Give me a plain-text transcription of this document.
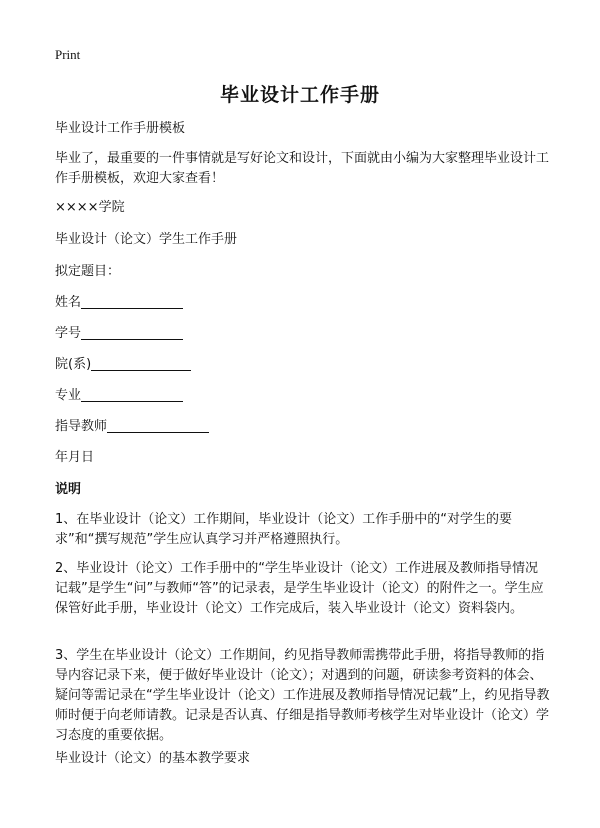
Print
毕业设计工作手册

毕业设计工作手册模板

毕业了，最重要的一件事情就是写好论文和设计，下面就由小编为大家整理毕业设计工作手册模板，欢迎大家查看！

××××学院

毕业设计（论文）学生工作手册

拟定题目：

姓名

学号

院(系)

专业

指导教师

年月日

说明

1、在毕业设计（论文）工作期间，毕业设计（论文）工作手册中的“对学生的要求”和“撰写规范”学生应认真学习并严格遵照执行。

2、毕业设计（论文）工作手册中的“学生毕业设计（论文）工作进展及教师指导情况记载”是学生“问”与教师“答”的记录表，是学生毕业设计（论文）的附件之一。学生应保管好此手册，毕业设计（论文）工作完成后，装入毕业设计（论文）资料袋内。

3、学生在毕业设计（论文）工作期间，约见指导教师需携带此手册，将指导教师的指导内容记录下来，便于做好毕业设计（论文）；对遇到的问题，研读参考资料的体会、疑问等需记录在“学生毕业设计（论文）工作进展及教师指导情况记载”上，约见指导教师时便于向老师请教。记录是否认真、仔细是指导教师考核学生对毕业设计（论文）学习态度的重要依据。

毕业设计（论文）的基本教学要求
